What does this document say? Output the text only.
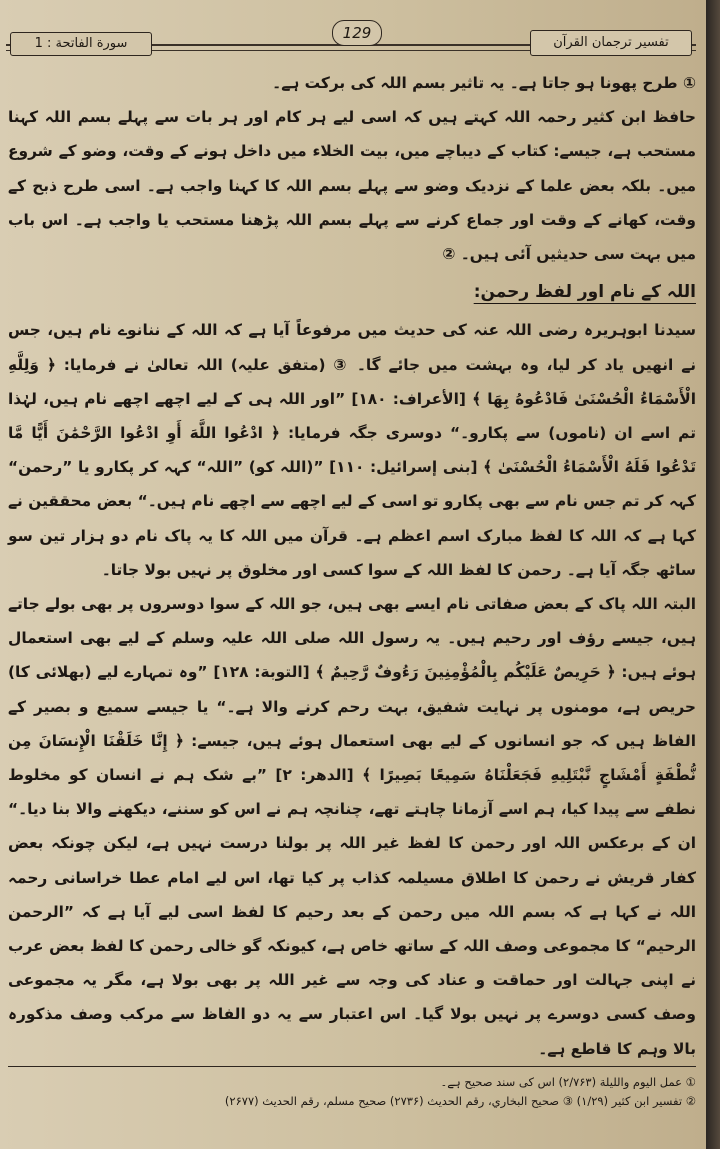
سورة الفاتحة : 1
129
تفسیر ترجمان القرآن

① طرح پھونا ہو جاتا ہے۔ یہ تاثیر بسم اللہ کی برکت ہے۔

حافظ ابن کثیر رحمہ اللہ کہتے ہیں کہ اسی لیے ہر کام اور ہر بات سے پہلے بسم اللہ کہنا مستحب ہے، جیسے: کتاب کے دیباچے میں، بیت الخلاء میں داخل ہونے کے وقت، وضو کے شروع میں۔ بلکہ بعض علما کے نزدیک وضو سے پہلے بسم اللہ کا کہنا واجب ہے۔ اسی طرح ذبح کے وقت، کھانے کے وقت اور جماع کرنے سے پہلے بسم اللہ پڑھنا مستحب یا واجب ہے۔ اس باب میں بہت سی حدیثیں آئی ہیں۔ ②

اللہ کے نام اور لفظ رحمن:

سیدنا ابوہریرہ رضی اللہ عنہ کی حدیث میں مرفوعاً آیا ہے کہ اللہ کے ننانوے نام ہیں، جس نے انھیں یاد کر لیا، وہ بہشت میں جائے گا۔ ③ (متفق علیہ) اللہ تعالیٰ نے فرمایا: ﴿ وَلِلَّهِ الْأَسْمَاءُ الْحُسْنَىٰ فَادْعُوهُ بِهَا ﴾ [الأعراف: ۱۸۰] ”اور اللہ ہی کے لیے اچھے اچھے نام ہیں، لہٰذا تم اسے ان (ناموں) سے پکارو۔“ دوسری جگہ فرمایا: ﴿ ادْعُوا اللَّهَ أَوِ ادْعُوا الرَّحْمَٰنَ أَيًّا مَّا تَدْعُوا فَلَهُ الْأَسْمَاءُ الْحُسْنَىٰ ﴾ [بنی إسرائیل: ۱۱۰] ”(اللہ کو) ”اللہ“ کہہ کر پکارو یا ”رحمن“ کہہ کر تم جس نام سے بھی پکارو تو اسی کے لیے اچھے سے اچھے نام ہیں۔“ بعض محققین نے کہا ہے کہ اللہ کا لفظ مبارک اسم اعظم ہے۔ قرآن میں اللہ کا یہ پاک نام دو ہزار تین سو ساٹھ جگہ آیا ہے۔ رحمن کا لفظ اللہ کے سوا کسی اور مخلوق پر نہیں بولا جاتا۔

البتہ اللہ پاک کے بعض صفاتی نام ایسے بھی ہیں، جو اللہ کے سوا دوسروں پر بھی بولے جاتے ہیں، جیسے رؤف اور رحیم ہیں۔ یہ رسول اللہ صلی اللہ علیہ وسلم کے لیے بھی استعمال ہوئے ہیں: ﴿ حَرِيصٌ عَلَيْكُم بِالْمُؤْمِنِينَ رَءُوفٌ رَّحِيمٌ ﴾ [التوبة: ۱۲۸] ”وہ تمہارے لیے (بھلائی کا) حریص ہے، مومنوں پر نہایت شفیق، بہت رحم کرنے والا ہے۔“ یا جیسے سمیع و بصیر کے الفاظ ہیں کہ جو انسانوں کے لیے بھی استعمال ہوئے ہیں، جیسے: ﴿ إِنَّا خَلَقْنَا الْإِنسَانَ مِن نُّطْفَةٍ أَمْشَاجٍ نَّبْتَلِيهِ فَجَعَلْنَاهُ سَمِيعًا بَصِيرًا ﴾ [الدھر: ۲] ”بے شک ہم نے انسان کو مخلوط نطفے سے پیدا کیا، ہم اسے آزمانا چاہتے تھے، چنانچہ ہم نے اس کو سننے، دیکھنے والا بنا دیا۔“ ان کے برعکس اللہ اور رحمن کا لفظ غیر اللہ پر بولنا درست نہیں ہے، لیکن چونکہ بعض کفار قریش نے رحمن کا اطلاق مسیلمہ کذاب پر کیا تھا، اس لیے امام عطا خراسانی رحمہ اللہ نے کہا ہے کہ بسم اللہ میں رحمن کے بعد رحیم کا لفظ اسی لیے آیا ہے کہ ”الرحمن الرحیم“ کا مجموعی وصف اللہ کے ساتھ خاص ہے، کیونکہ گو خالی رحمن کا لفظ بعض عرب نے اپنی جہالت اور حماقت و عناد کی وجہ سے غیر اللہ پر بھی بولا ہے، مگر یہ مجموعی وصف کسی دوسرے پر نہیں بولا گیا۔ اس اعتبار سے یہ دو الفاظ سے مرکب وصف مذکورہ بالا وہم کا قاطع ہے۔

① عمل الیوم واللیلة (۲/۷۶۳) اس کی سند صحیح ہے۔
② تفسیر ابن کثیر (۱/۲۹) ③ صحیح البخاري، رقم الحدیث (۲۷۳۶) صحیح مسلم، رقم الحدیث (۲۶۷۷)
